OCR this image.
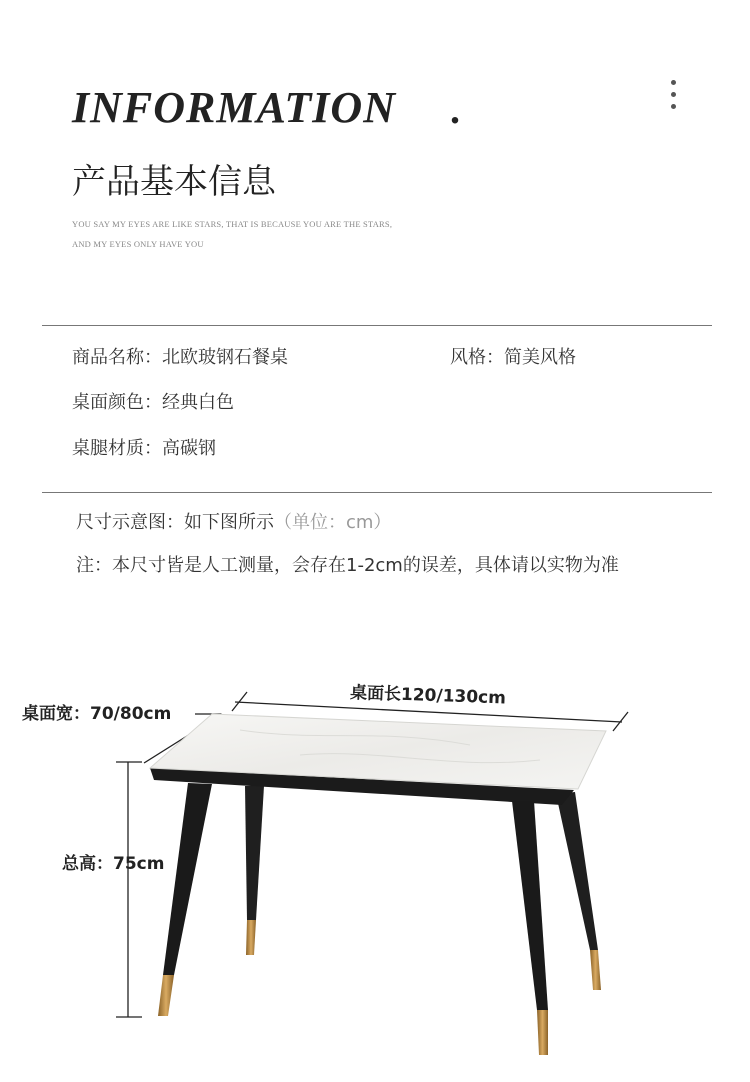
INFORMATION .
产品基本信息
YOU SAY MY EYES ARE LIKE STARS, THAT IS BECAUSE YOU ARE THE STARS,
AND MY EYES ONLY HAVE YOU
商品名称：北欧玻钢石餐桌	风格：简美风格
桌面颜色：经典白色
桌腿材质：高碳钢
尺寸示意图：如下图所示（单位：cm）
注：本尺寸皆是人工测量，会存在1-2cm的误差，具体请以实物为准
桌面长120/130cm
桌面宽：70/80cm
总高：75cm
